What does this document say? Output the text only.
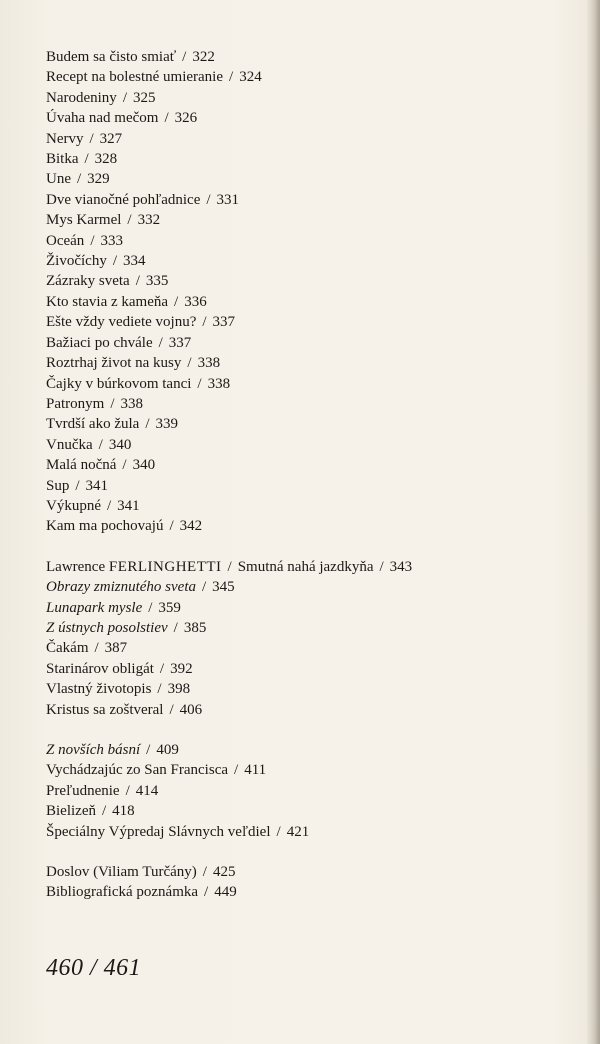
Budem sa čisto smiať / 322
Recept na bolestné umieranie / 324
Narodeniny / 325
Úvaha nad mečom / 326
Nervy / 327
Bitka / 328
Une / 329
Dve vianočné pohľadnice / 331
Mys Karmel / 332
Oceán / 333
Živočíchy / 334
Zázraky sveta / 335
Kto stavia z kameňa / 336
Ešte vždy vediete vojnu? / 337
Bažiaci po chvále / 337
Roztrhaj život na kusy / 338
Čajky v búrkovom tanci / 338
Patronym / 338
Tvrdší ako žula / 339
Vnučka / 340
Malá nočná / 340
Sup / 341
Výkupné / 341
Kam ma pochovajú / 342
Lawrence FERLINGHETTI / Smutná nahá jazdkyňa / 343
Obrazy zmiznutého sveta / 345
Lunapark mysle / 359
Z ústnych posolstiev / 385
Čakám / 387
Starinárov obligát / 392
Vlastný životopis / 398
Kristus sa zoštveral / 406
Z novších básní / 409
Vychádzajúc zo San Francisca / 411
Preľudnenie / 414
Bielizeň / 418
Špeciálny Výpredaj Slávnych veľdiel / 421
Doslov (Viliam Turčány) / 425
Bibliografická poznámka / 449
460 / 461
